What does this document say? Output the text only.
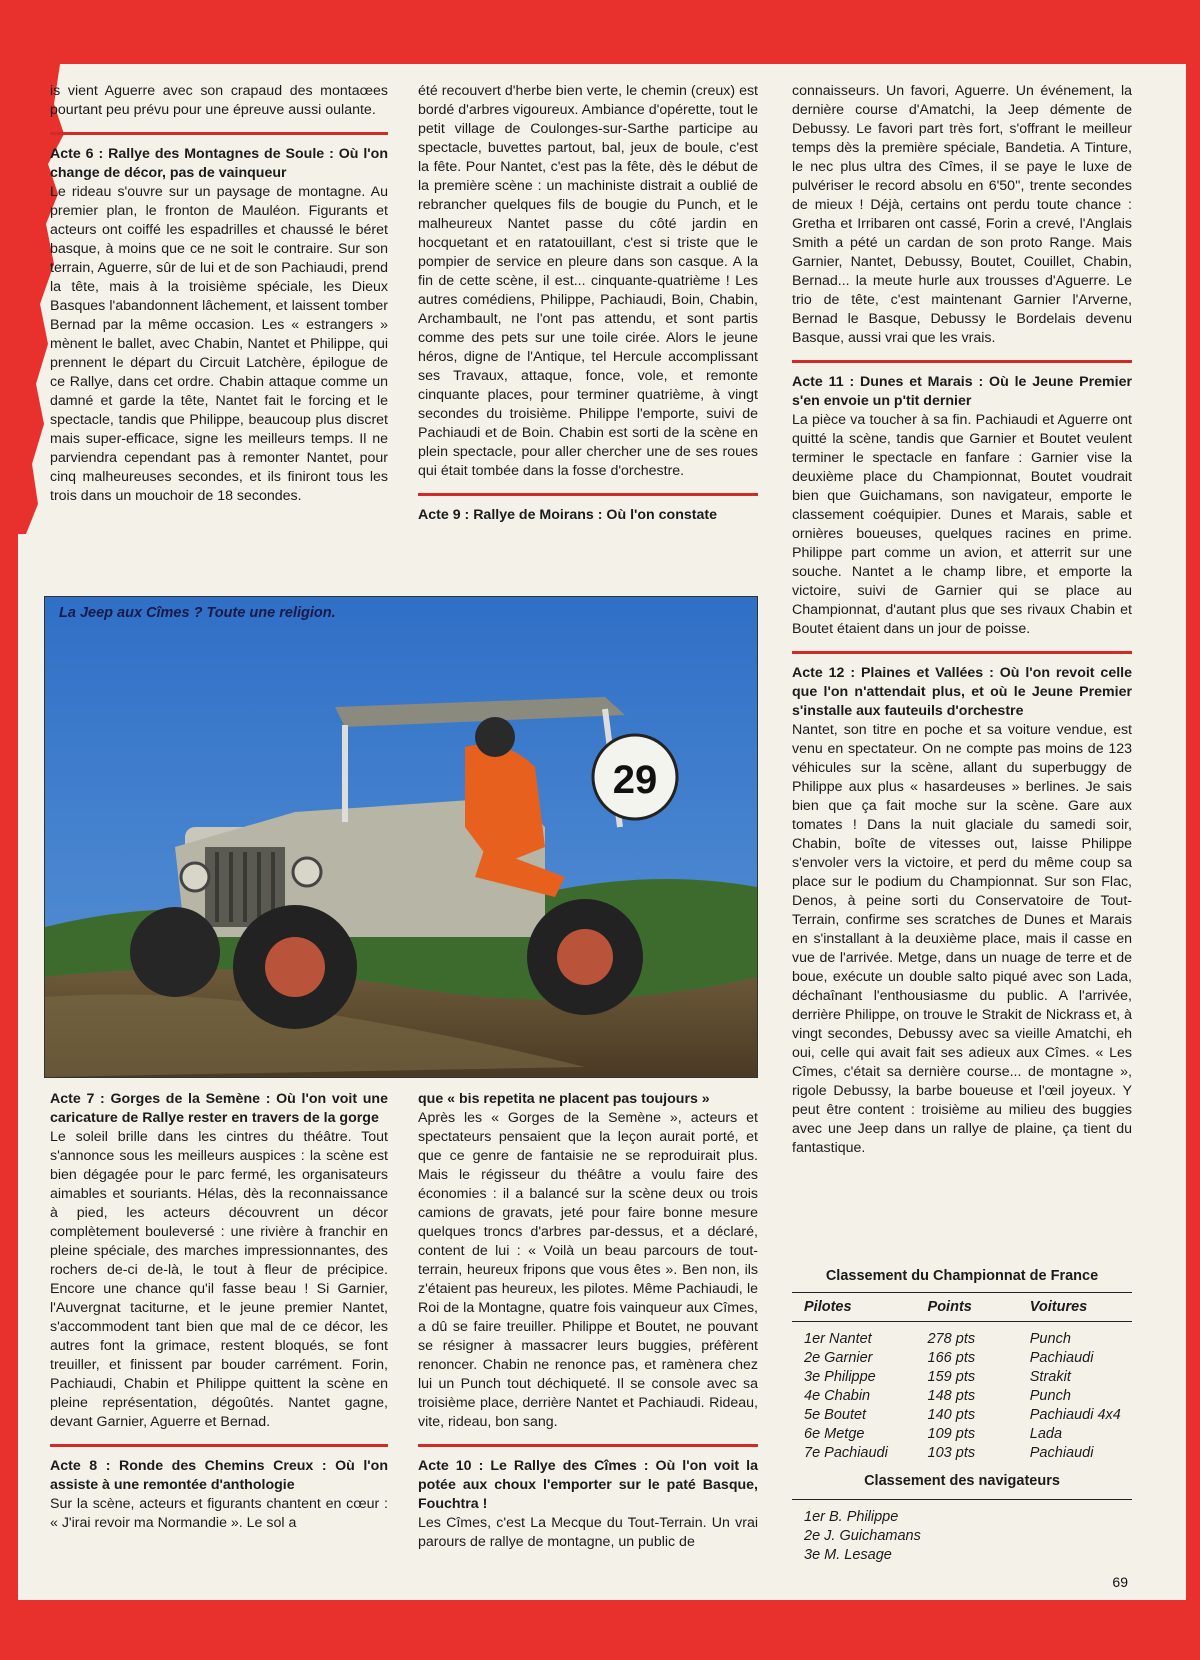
is vient Aguerre avec son crapaud des montaœes pourtant peu prévu pour une épreuve aussi oulante.

Acte 6 : Rallye des Montagnes de Soule : Où l'on change de décor, pas de vainqueur

Le rideau s'ouvre sur un paysage de montagne. Au premier plan, le fronton de Mauléon. Figurants et acteurs ont coiffé les espadrilles et chaussé le béret basque, à moins que ce ne soit le contraire. Sur son terrain, Aguerre, sûr de lui et de son Pachiaudi, prend la tête, mais à la troisième spéciale, les Dieux Basques l'abandonnent lâchement, et laissent tomber Bernad par la même occasion. Les « estrangers » mènent le ballet, avec Chabin, Nantet et Philippe, qui prennent le départ du Circuit Latchère, épilogue de ce Rallye, dans cet ordre. Chabin attaque comme un damné et garde la tête, Nantet fait le forcing et le spectacle, tandis que Philippe, beaucoup plus discret mais super-efficace, signe les meilleurs temps. Il ne parviendra cependant pas à remonter Nantet, pour cinq malheureuses secondes, et ils finiront tous les trois dans un mouchoir de 18 secondes.

été recouvert d'herbe bien verte, le chemin (creux) est bordé d'arbres vigoureux. Ambiance d'opérette, tout le petit village de Coulonges-sur-Sarthe participe au spectacle, buvettes partout, bal, jeux de boule, c'est la fête. Pour Nantet, c'est pas la fête, dès le début de la première scène : un machiniste distrait a oublié de rebrancher quelques fils de bougie du Punch, et le malheureux Nantet passe du côté jardin en hocquetant et en ratatouillant, c'est si triste que le pompier de service en pleure dans son casque. A la fin de cette scène, il est... cinquante-quatrième ! Les autres comédiens, Philippe, Pachiaudi, Boin, Chabin, Archambault, ne l'ont pas attendu, et sont partis comme des pets sur une toile cirée. Alors le jeune héros, digne de l'Antique, tel Hercule accomplissant ses Travaux, attaque, fonce, vole, et remonte cinquante places, pour terminer quatrième, à vingt secondes du troisième. Philippe l'emporte, suivi de Pachiaudi et de Boin. Chabin est sorti de la scène en plein spectacle, pour aller chercher une de ses roues qui était tombée dans la fosse d'orchestre.

Acte 9 : Rallye de Moirans : Où l'on constate

connaisseurs. Un favori, Aguerre. Un événement, la dernière course d'Amatchi, la Jeep démente de Debussy. Le favori part très fort, s'offrant le meilleur temps dès la première spéciale, Bandetia. A Tinture, le nec plus ultra des Cîmes, il se paye le luxe de pulvériser le record absolu en 6'50'', trente secondes de mieux ! Déjà, certains ont perdu toute chance : Gretha et Irribaren ont cassé, Forin a crevé, l'Anglais Smith a pété un cardan de son proto Range. Mais Garnier, Nantet, Debussy, Boutet, Couillet, Chabin, Bernad... la meute hurle aux trousses d'Aguerre. Le trio de tête, c'est maintenant Garnier l'Arverne, Bernad le Basque, Debussy le Bordelais devenu Basque, aussi vrai que les vrais.

Acte 11 : Dunes et Marais : Où le Jeune Premier s'en envoie un p'tit dernier

La pièce va toucher à sa fin. Pachiaudi et Aguerre ont quitté la scène, tandis que Garnier et Boutet veulent terminer le spectacle en fanfare : Garnier vise la deuxième place du Championnat, Boutet voudrait bien que Guichamans, son navigateur, emporte le classement coéquipier. Dunes et Marais, sable et ornières boueuses, quelques racines en prime. Philippe part comme un avion, et atterrit sur une souche. Nantet a le champ libre, et emporte la victoire, suivi de Garnier qui se place au Championnat, d'autant plus que ses rivaux Chabin et Boutet étaient dans un jour de poisse.

Acte 12 : Plaines et Vallées : Où l'on revoit celle que l'on n'attendait plus, et où le Jeune Premier s'installe aux fauteuils d'orchestre

Nantet, son titre en poche et sa voiture vendue, est venu en spectateur. On ne compte pas moins de 123 véhicules sur la scène, allant du superbuggy de Philippe aux plus « hasardeuses » berlines. Je sais bien que ça fait moche sur la scène. Gare aux tomates ! Dans la nuit glaciale du samedi soir, Chabin, boîte de vitesses out, laisse Philippe s'envoler vers la victoire, et perd du même coup sa place sur le podium du Championnat. Sur son Flac, Denos, à peine sorti du Conservatoire de Tout-Terrain, confirme ses scratches de Dunes et Marais en s'installant à la deuxième place, mais il casse en vue de l'arrivée. Metge, dans un nuage de terre et de boue, exécute un double salto piqué avec son Lada, déchaînant l'enthousiasme du public. A l'arrivée, derrière Philippe, on trouve le Strakit de Nickrass et, à vingt secondes, Debussy avec sa vieille Amatchi, eh oui, celle qui avait fait ses adieux aux Cîmes. « Les Cîmes, c'était sa dernière course... de montagne », rigole Debussy, la barbe boueuse et l'œil joyeux. Y peut être content : troisième au milieu des buggies avec une Jeep dans un rallye de plaine, ça tient du fantastique.

29
La Jeep aux Cîmes ? Toute une religion.

Acte 7 : Gorges de la Semène : Où l'on voit une caricature de Rallye rester en travers de la gorge

Le soleil brille dans les cintres du théâtre. Tout s'annonce sous les meilleurs auspices : la scène est bien dégagée pour le parc fermé, les organisateurs aimables et souriants. Hélas, dès la reconnaissance à pied, les acteurs découvrent un décor complètement bouleversé : une rivière à franchir en pleine spéciale, des marches impressionnantes, des rochers de-ci de-là, le tout à fleur de précipice. Encore une chance qu'il fasse beau ! Si Garnier, l'Auvergnat taciturne, et le jeune premier Nantet, s'accommodent tant bien que mal de ce décor, les autres font la grimace, restent bloqués, se font treuiller, et finissent par bouder carrément. Forin, Pachiaudi, Chabin et Philippe quittent la scène en pleine représentation, dégoûtés. Nantet gagne, devant Garnier, Aguerre et Bernad.

Acte 8 : Ronde des Chemins Creux : Où l'on assiste à une remontée d'anthologie

Sur la scène, acteurs et figurants chantent en cœur : « J'irai revoir ma Normandie ». Le sol a

que « bis repetita ne placent pas toujours »

Après les « Gorges de la Semène », acteurs et spectateurs pensaient que la leçon aurait porté, et que ce genre de fantaisie ne se reproduirait plus. Mais le régisseur du théâtre a voulu faire des économies : il a balancé sur la scène deux ou trois camions de gravats, jeté pour faire bonne mesure quelques troncs d'arbres par-dessus, et a déclaré, content de lui : « Voilà un beau parcours de tout-terrain, heureux fripons que vous êtes ». Ben non, ils z'étaient pas heureux, les pilotes. Même Pachiaudi, le Roi de la Montagne, quatre fois vainqueur aux Cîmes, a dû se faire treuiller. Philippe et Boutet, ne pouvant se résigner à massacrer leurs buggies, préfèrent renoncer. Chabin ne renonce pas, et ramènera chez lui un Punch tout déchiqueté. Il se console avec sa troisième place, derrière Nantet et Pachiaudi. Rideau, vite, rideau, bon sang.

Acte 10 : Le Rallye des Cîmes : Où l'on voit la potée aux choux l'emporter sur le paté Basque, Fouchtra !

Les Cîmes, c'est La Mecque du Tout-Terrain. Un vrai parours de rallye de montagne, un public de

Classement du Championnat de France
Pilotes	Points	Voitures
1er Nantet	278 pts	Punch
2e Garnier	166 pts	Pachiaudi
3e Philippe	159 pts	Strakit
4e Chabin	148 pts	Punch
5e Boutet	140 pts	Pachiaudi 4x4
6e Metge	109 pts	Lada
7e Pachiaudi	103 pts	Pachiaudi
Classement des navigateurs
1er B. Philippe
2e J. Guichamans
3e M. Lesage
69
